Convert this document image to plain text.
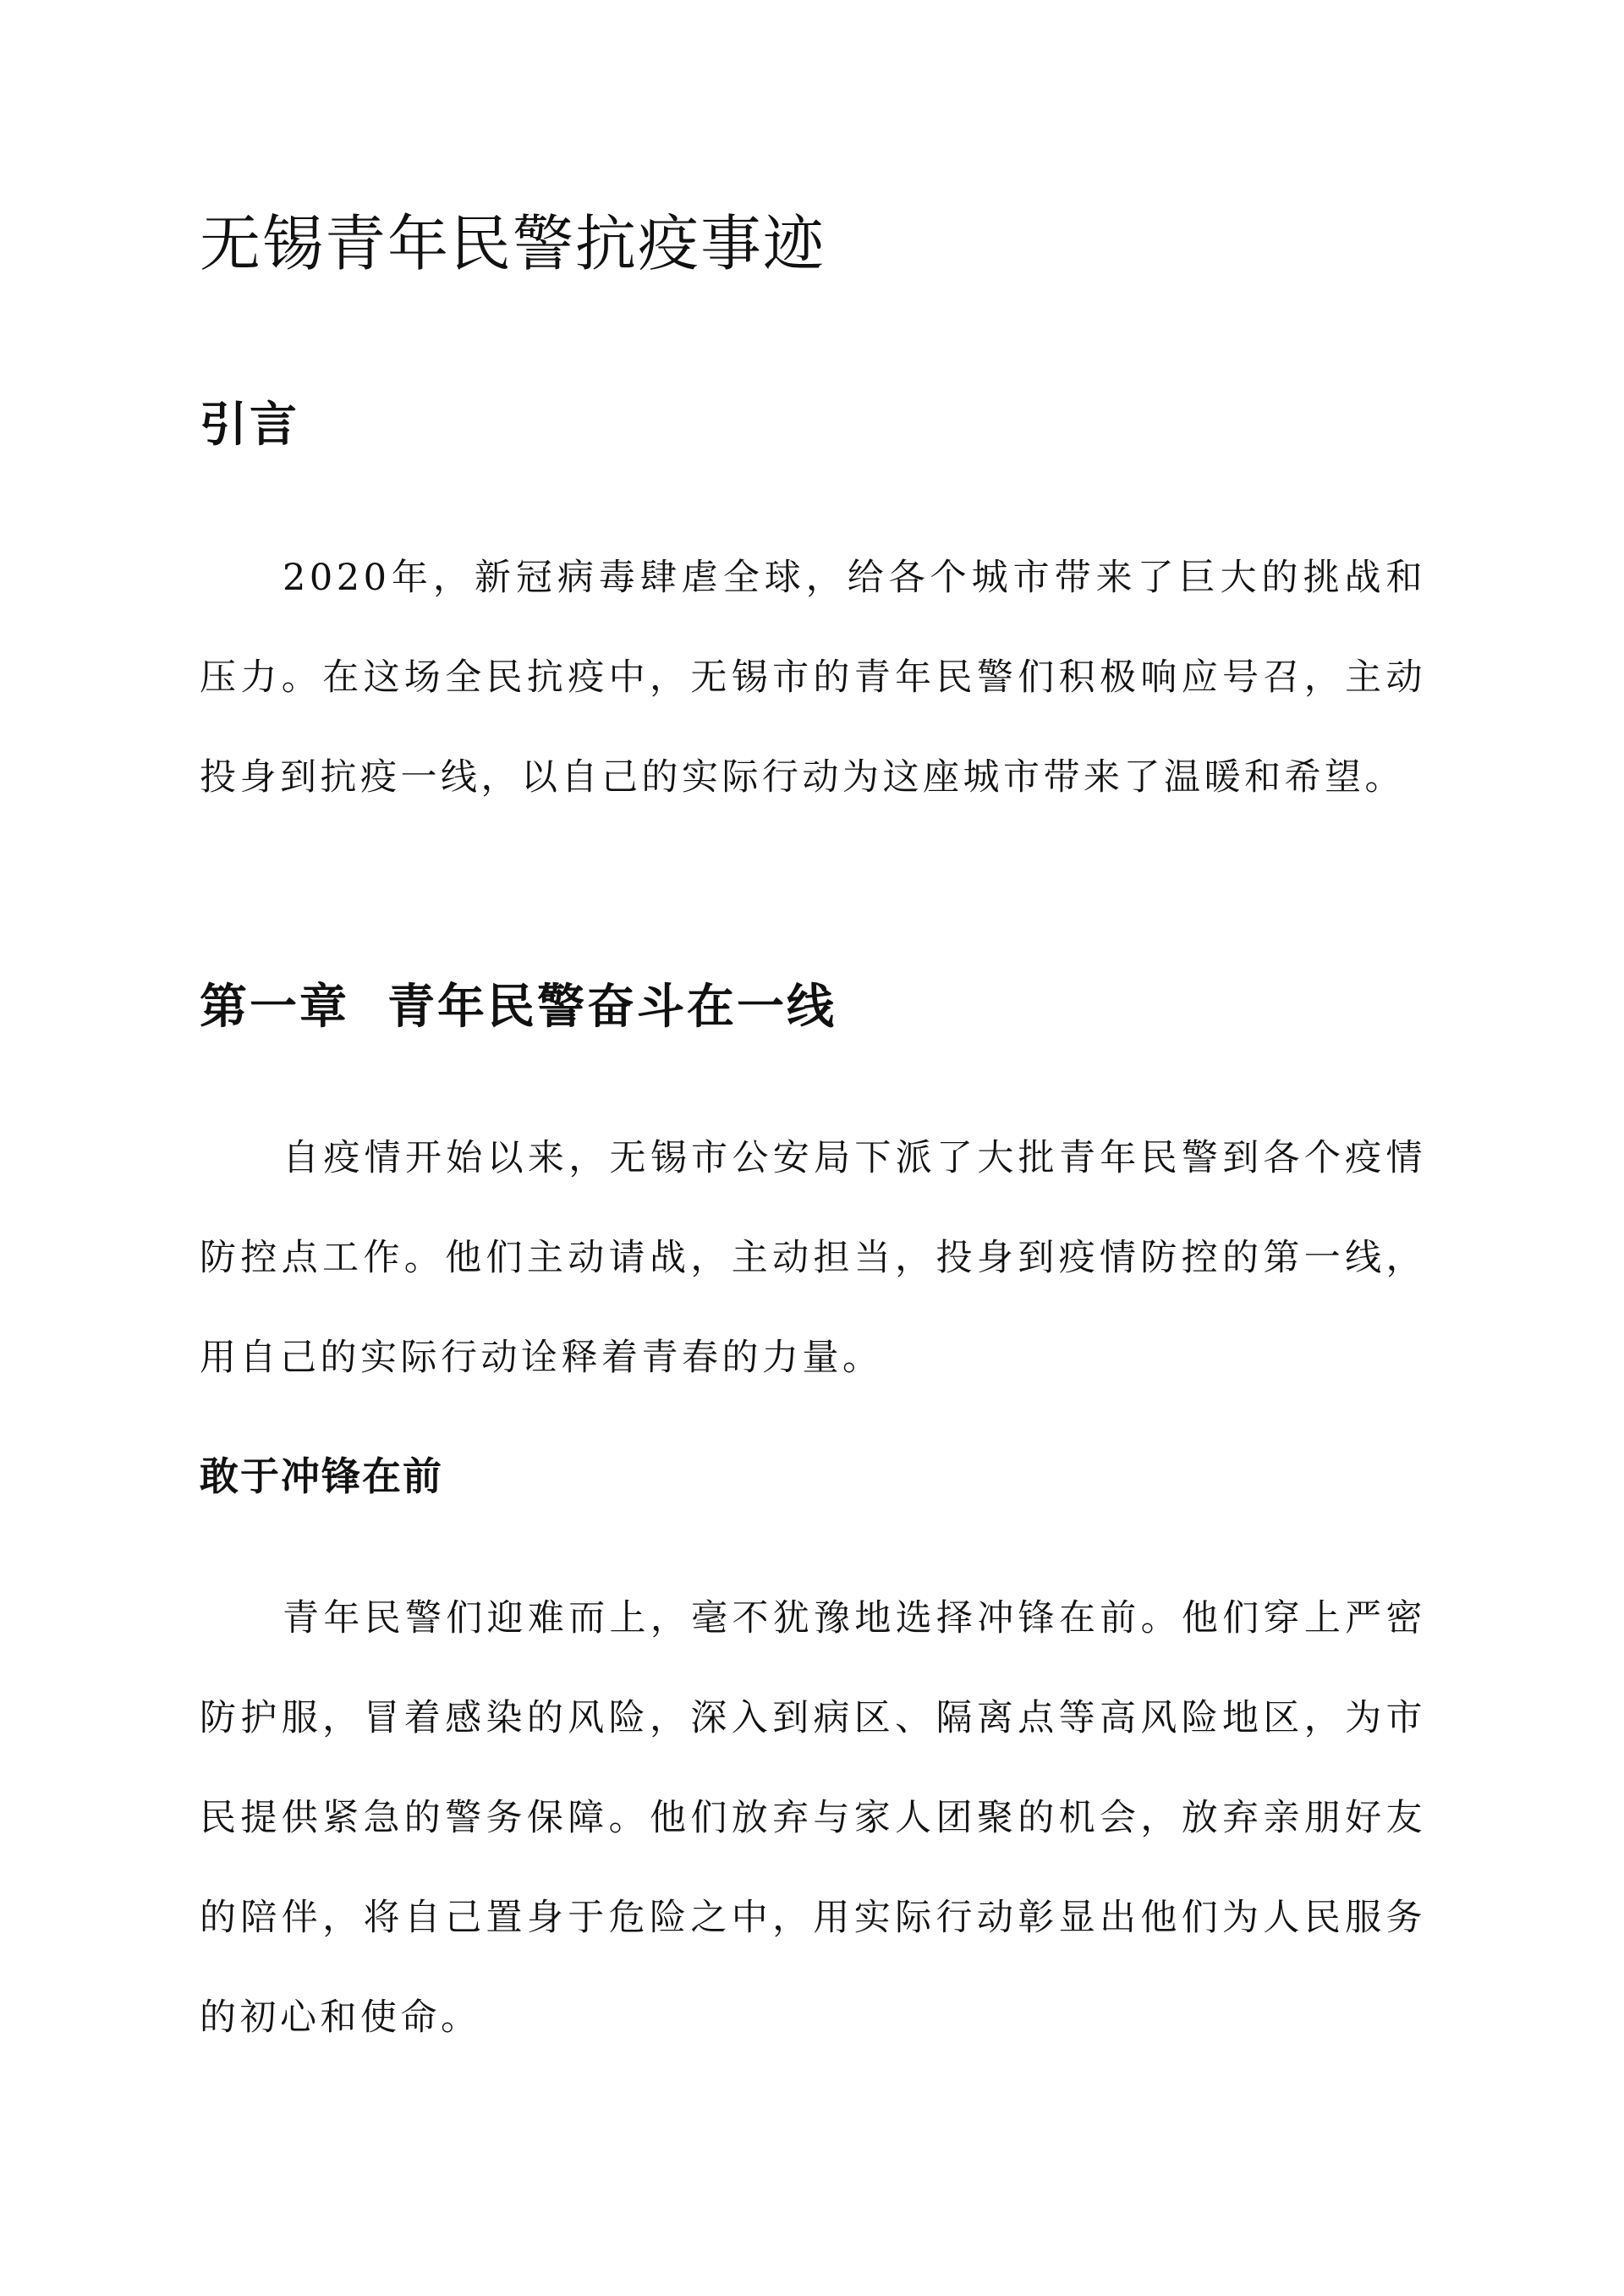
无锡青年民警抗疫事迹
引言

2020年，新冠病毒肆虐全球，给各个城市带来了巨大的挑战和压力。在这场全民抗疫中，无锡市的青年民警们积极响应号召，主动投身到抗疫一线，以自己的实际行动为这座城市带来了温暖和希望。

第一章  青年民警奋斗在一线

自疫情开始以来，无锡市公安局下派了大批青年民警到各个疫情防控点工作。他们主动请战，主动担当，投身到疫情防控的第一线，用自己的实际行动诠释着青春的力量。

敢于冲锋在前

青年民警们迎难而上，毫不犹豫地选择冲锋在前。他们穿上严密防护服，冒着感染的风险，深入到病区、隔离点等高风险地区，为市民提供紧急的警务保障。他们放弃与家人团聚的机会，放弃亲朋好友的陪伴，将自己置身于危险之中，用实际行动彰显出他们为人民服务的初心和使命。
